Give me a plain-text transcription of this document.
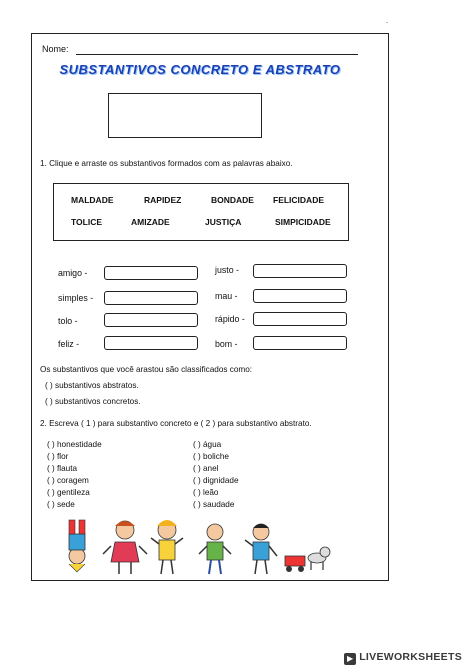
-
Nome:
SUBSTANTIVOS CONCRETO E ABSTRATO
1. Clique e arraste os substantivos formados com as palavras abaixo.
MALDADE	RAPIDEZ	BONDADE FELICIDADE
TOLICE	AMIZADE	JUSTIÇA	SIMPICIDADE
amigo -
simples -
tolo -
feliz -
justo -
mau -
rápido -
bom -
Os substantivos que você arastou são classificados como:
( ) substantivos abstratos.
( ) substantivos concretos.
2. Escreva ( 1 ) para substantivo concreto e ( 2 ) para substantivo abstrato.
( ) honestidade
( ) flor
( ) flauta
( ) coragem
( ) gentileza
( ) sede
( ) água
( ) boliche
( ) anel
( ) dignidade
( ) leão
( ) saudade
▶ LIVEWORKSHEETS
